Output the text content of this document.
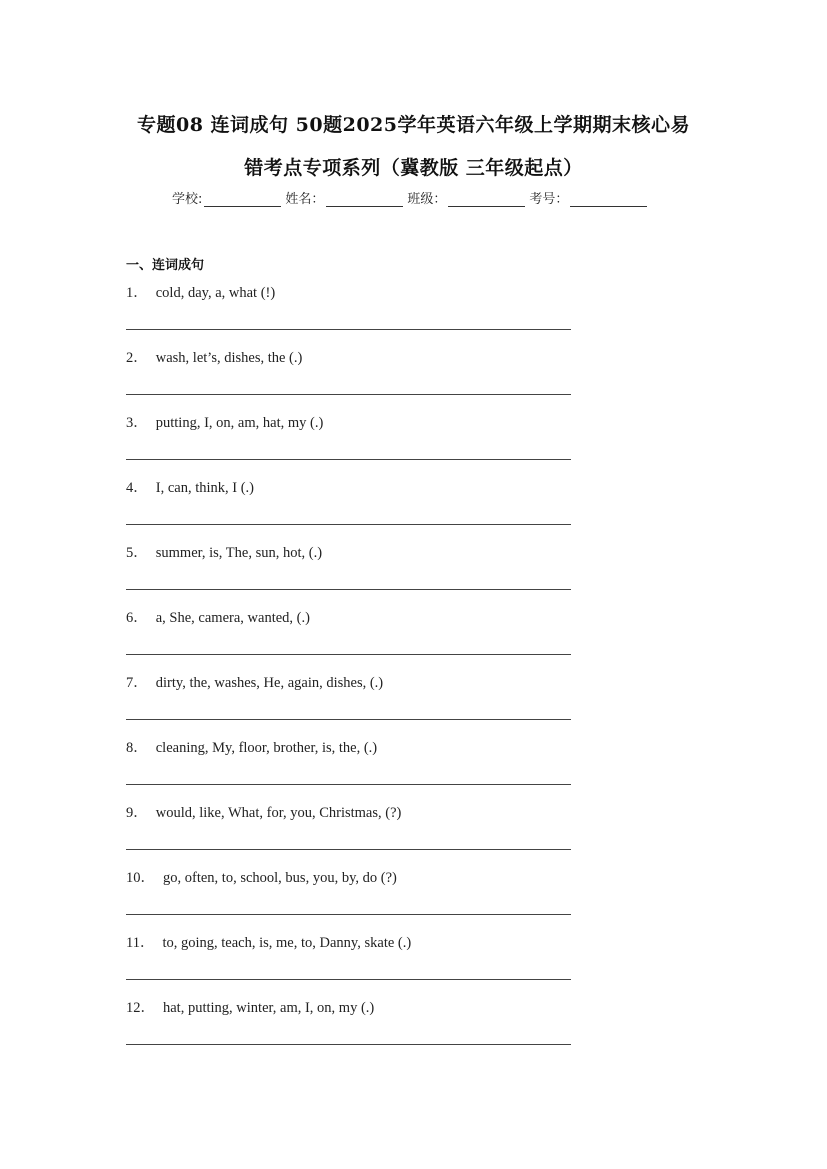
专题08 连词成句 50题2025学年英语六年级上学期期末核心易
错考点专项系列（冀教版 三年级起点）
学校:	姓名：	班级：	考号：
一、连词成句
1． cold, day, a, what (!)
2． wash, let’s, dishes, the (.)
3． putting, I, on, am, hat, my (.)
4． I, can, think, I (.)
5． summer, is, The, sun, hot, (.)
6． a, She, camera, wanted, (.)
7． dirty, the, washes, He, again, dishes, (.)
8． cleaning, My, floor, brother, is, the, (.)
9． would, like, What, for, you, Christmas, (?)
10． go, often, to, school, bus, you, by, do (?)
11． to, going, teach, is, me, to, Danny, skate (.)
12． hat, putting, winter, am, I, on, my (.)
